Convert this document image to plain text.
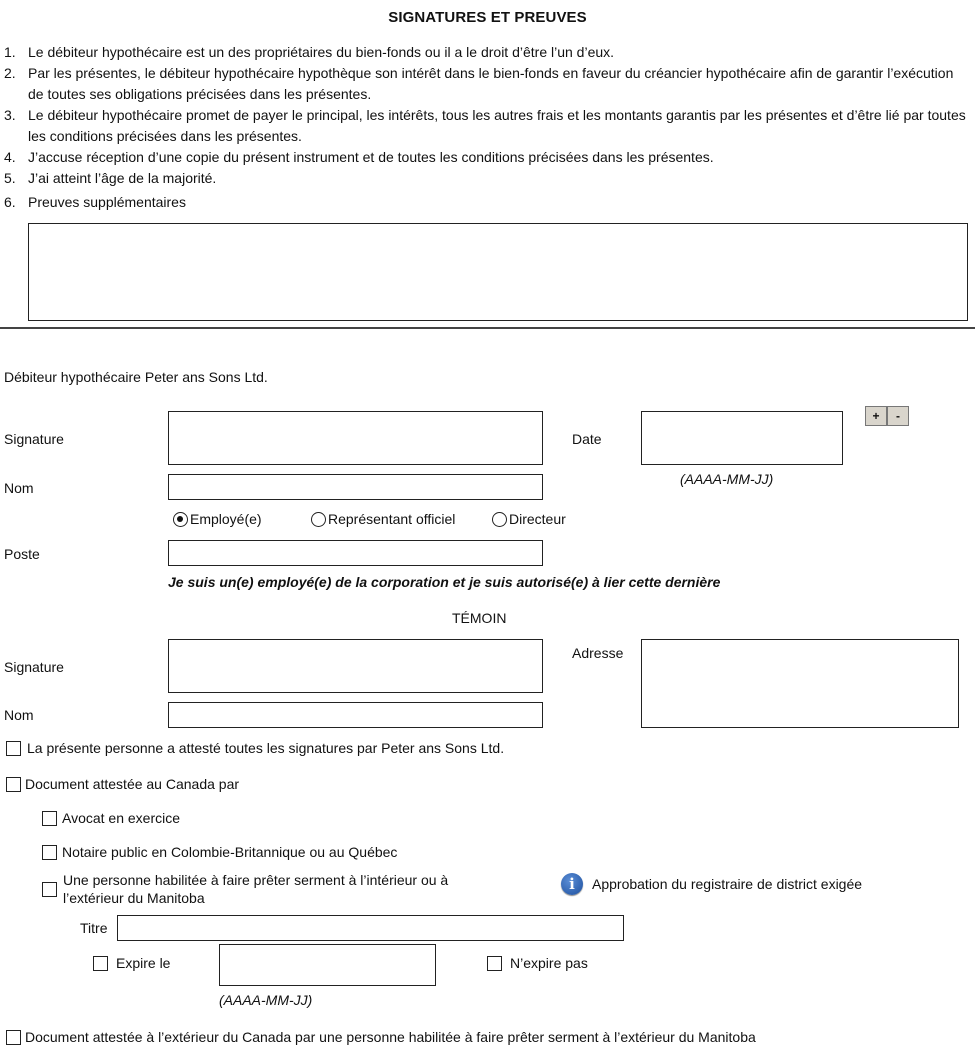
SIGNATURES ET PREUVES
1. Le débiteur hypothécaire est un des propriétaires du bien-fonds ou il a le droit d’être l’un d’eux.
2. Par les présentes, le débiteur hypothécaire hypothèque son intérêt dans le bien-fonds en faveur du créancier hypothécaire afin de garantir l’exécution de toutes ses obligations précisées dans les présentes.
3. Le débiteur hypothécaire promet de payer le principal, les intérêts, tous les autres frais et les montants garantis par les présentes et d’être lié par toutes les conditions précisées dans les présentes.
4. J’accuse réception d’une copie du présent instrument et de toutes les conditions précisées dans les présentes.
5. J’ai atteint l’âge de la majorité.
6. Preuves supplémentaires
Débiteur hypothécaire Peter ans Sons Ltd.
Signature	Date
(AAAA-MM-JJ)
+	-
Nom
Employé(e)	Représentant officiel	Directeur
Poste
Je suis un(e) employé(e) de la corporation et je suis autorisé(e) à lier cette dernière
TÉMOIN
Signature
Nom
Adresse
La présente personne a attesté toutes les signatures par Peter ans Sons Ltd.
Document attestée au Canada par
Avocat en exercice
Notaire public en Colombie-Britannique ou au Québec
Une personne habilitée à faire prêter serment à l’intérieur ou à
l’extérieur du Manitoba
i	Approbation du registraire de district exigée
Titre
Expire le
(AAAA-MM-JJ)
N’expire pas
Document attestée à l’extérieur du Canada par une personne habilitée à faire prêter serment à l’extérieur du Manitoba
